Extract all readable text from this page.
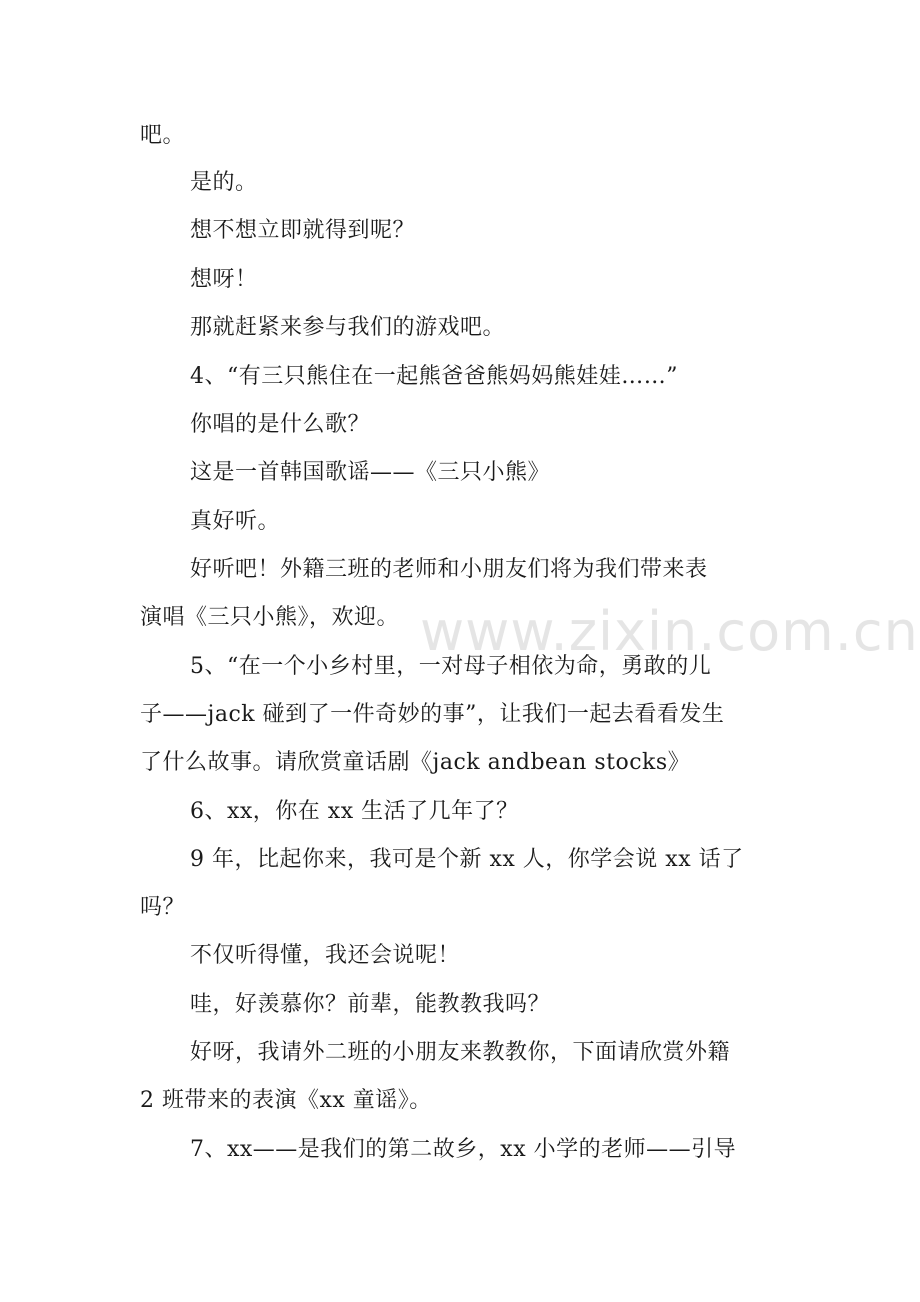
吧。
是的。
想不想立即就得到呢？
想呀！
那就赶紧来参与我们的游戏吧。
4、“有三只熊住在一起熊爸爸熊妈妈熊娃娃……”
你唱的是什么歌？
这是一首韩国歌谣——《三只小熊》
真好听。
好听吧！外籍三班的老师和小朋友们将为我们带来表
演唱《三只小熊》，欢迎。
5、“在一个小乡村里，一对母子相依为命，勇敢的儿
子——jack 碰到了一件奇妙的事”，让我们一起去看看发生
了什么故事。请欣赏童话剧《jack andbean stocks》
6、xx，你在 xx 生活了几年了？
9 年，比起你来，我可是个新 xx 人，你学会说 xx 话了
吗？
不仅听得懂，我还会说呢！
哇，好羡慕你？前辈，能教教我吗？
好呀，我请外二班的小朋友来教教你，下面请欣赏外籍
2 班带来的表演《xx 童谣》。
7、xx——是我们的第二故乡，xx 小学的老师——引导
www.zixin.com.cn
